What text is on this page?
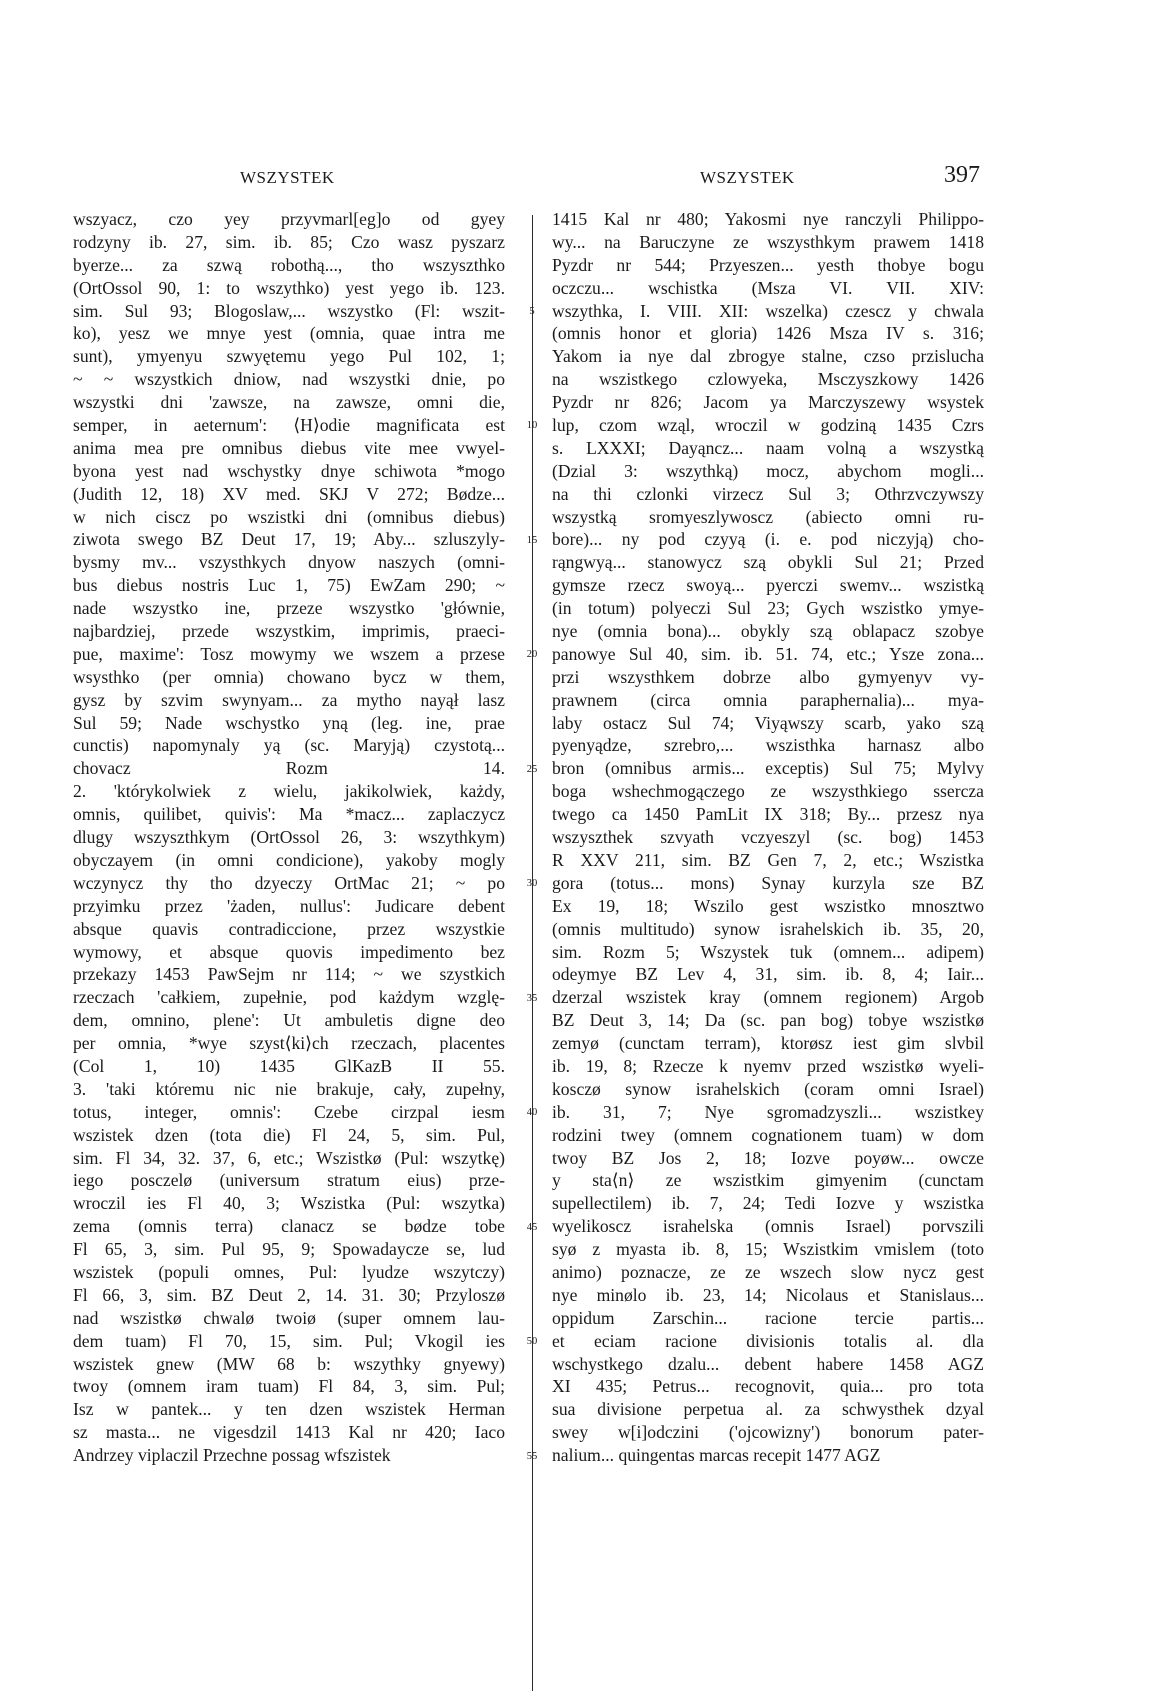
WSZYSTEK	WSZYSTEK	397
wszyacz, czo yey przyvmarl[eg]o od gyey
rodzyny ib. 27, sim. ib. 85; Czo wasz pyszarz
byerze... za szwą robothą..., tho wszyszthko
(OrtOssol 90, 1: to wszythko) yest yego ib. 123.
sim. Sul 93; Blogoslaw,... wszystko (Fl: wszit-
ko), yesz we mnye yest (omnia, quae intra me
sunt), ymyenyu szwyętemu yego Pul 102, 1;
~ ~ wszystkich dniow, nad wszystki dnie, po
wszystki dni 'zawsze, na zawsze, omni die,
semper, in aeternum': ⟨H⟩odie magnificata est
anima mea pre omnibus diebus vite mee vwyel-
byona yest nad wschystky dnye schiwota *mogo
(Judith 12, 18) XV med. SKJ V 272; Bødze...
w nich ciscz po wszistki dni (omnibus diebus)
ziwota swego BZ Deut 17, 19; Aby... szluszyly-
bysmy mv... vszysthkych dnyow naszych (omni-
bus diebus nostris Luc 1, 75) EwZam 290; ~
nade wszystko ine, przeze wszystko 'głównie,
najbardziej, przede wszystkim, imprimis, praeci-
pue, maxime': Tosz mowymy we wszem a przese
wsysthko (per omnia) chowano bycz w them,
gysz by szvim swynyam... za mytho nayął lasz
Sul 59; Nade wschystko yną (leg. ine, prae
cunctis) napomynaly yą (sc. Maryją) czystotą...
chovacz Rozm 14.
2. 'którykolwiek z wielu, jakikolwiek, każdy,
omnis, quilibet, quivis': Ma *macz... zaplaczycz
dlugy wszyszthkym (OrtOssol 26, 3: wszythkym)
obyczayem (in omni condicione), yakoby mogly
wczynycz thy tho dzyeczy OrtMac 21; ~ po
przyimku przez 'żaden, nullus': Judicare debent
absque quavis contradiccione, przez wszystkie
wymowy, et absque quovis impedimento bez
przekazy 1453 PawSejm nr 114; ~ we szystkich
rzeczach 'całkiem, zupełnie, pod każdym wzglę-
dem, omnino, plene': Ut ambuletis digne deo
per omnia, *wye szyst⟨ki⟩ch rzeczach, placentes
(Col 1, 10) 1435 GlKazB II 55.
3. 'taki któremu nic nie brakuje, cały, zupełny,
totus, integer, omnis': Czebe cirzpal iesm
wszistek dzen (tota die) Fl 24, 5, sim. Pul,
sim. Fl 34, 32. 37, 6, etc.; Wszistkø (Pul: wszytkę)
iego posczelø (universum stratum eius) prze-
wroczil ies Fl 40, 3; Wszistka (Pul: wszytka)
zema (omnis terra) clanacz se bødze tobe
Fl 65, 3, sim. Pul 95, 9; Spowadaycze se, lud
wszistek (populi omnes, Pul: lyudze wszytczy)
Fl 66, 3, sim. BZ Deut 2, 14. 31. 30; Przyloszø
nad wszistkø chwalø twoiø (super omnem lau-
dem tuam) Fl 70, 15, sim. Pul; Vkogil ies
wszistek gnew (MW 68 b: wszythky gnyewy)
twoy (omnem iram tuam) Fl 84, 3, sim. Pul;
Isz w pantek... y ten dzen wszistek Herman
sz masta... ne vigesdzil 1413 Kal nr 420; Iaco
Andrzey viplaczil Przechne possag wfszistek
5
10
15
20
25
30
35
40
45
50
55
1415 Kal nr 480; Yakosmi nye ranczyli Philippo-
wy... na Baruczyne ze wszysthkym prawem 1418
Pyzdr nr 544; Przyeszen... yesth thobye bogu
oczczu... wschistka (Msza VI. VII. XIV:
wszythka, I. VIII. XII: wszelka) czescz y chwala
(omnis honor et gloria) 1426 Msza IV s. 316;
Yakom ia nye dal zbrogye stalne, czso przislucha
na wszistkego czlowyeka, Msczyszkowy 1426
Pyzdr nr 826; Jacom ya Marczyszewy wsystek
lup, czom wząl, wroczil w godziną 1435 Czrs
s. LXXXI; Dayąncz... naam volną a wszystką
(Dzial 3: wszythką) mocz, abychom mogli...
na thi czlonki virzecz Sul 3; Othrzvczywszy
wszystką sromyeszlywoscz (abiecto omni ru-
bore)... ny pod czyyą (i. e. pod niczyją) cho-
rąngwyą... stanowycz szą obykli Sul 21; Przed
gymsze rzecz swoyą... pyerczi swemv... wszistką
(in totum) polyeczi Sul 23; Gych wszistko ymye-
nye (omnia bona)... obykly szą oblapacz szobye
panowye Sul 40, sim. ib. 51. 74, etc.; Ysze zona...
przi wszysthkem dobrze albo gymyenyv vy-
prawnem (circa omnia paraphernalia)... mya-
laby ostacz Sul 74; Viyąwszy scarb, yako szą
pyenyądze, szrebro,... wszisthka harnasz albo
bron (omnibus armis... exceptis) Sul 75; Mylvy
boga wshechmogączego ze wszysthkiego ssercza
twego ca 1450 PamLit IX 318; By... przesz nya
wszyszthek szvyath vczyeszyl (sc. bog) 1453
R XXV 211, sim. BZ Gen 7, 2, etc.; Wszistka
gora (totus... mons) Synay kurzyla sze BZ
Ex 19, 18; Wszilo gest wszistko mnosztwo
(omnis multitudo) synow israhelskich ib. 35, 20,
sim. Rozm 5; Wszystek tuk (omnem... adipem)
odeymye BZ Lev 4, 31, sim. ib. 8, 4; Iair...
dzerzal wszistek kray (omnem regionem) Argob
BZ Deut 3, 14; Da (sc. pan bog) tobye wszistkø
zemyø (cunctam terram), ktorøsz iest gim slvbil
ib. 19, 8; Rzecze k nyemv przed wszistkø wyeli-
kosczø synow israhelskich (coram omni Israel)
ib. 31, 7; Nye sgromadzyszli... wszistkey
rodzini twey (omnem cognationem tuam) w dom
twoy BZ Jos 2, 18; Iozve poyøw... owcze
y sta⟨n⟩ ze wszistkim gimyenim (cunctam
supellectilem) ib. 7, 24; Tedi Iozve y wszistka
wyelikoscz israhelska (omnis Israel) porvszili
syø z myasta ib. 8, 15; Wszistkim vmislem (toto
animo) poznacze, ze ze wszech slow nycz gest
nye minølo ib. 23, 14; Nicolaus et Stanislaus...
oppidum Zarschin... racione tercie partis...
et eciam racione divisionis totalis al. dla
wschystkego dzalu... debent habere 1458 AGZ
XI 435; Petrus... recognovit, quia... pro tota
sua divisione perpetua al. za schwysthek dzyal
swey w[i]odczini ('ojcowizny') bonorum pater-
nalium... quingentas marcas recepit 1477 AGZ
